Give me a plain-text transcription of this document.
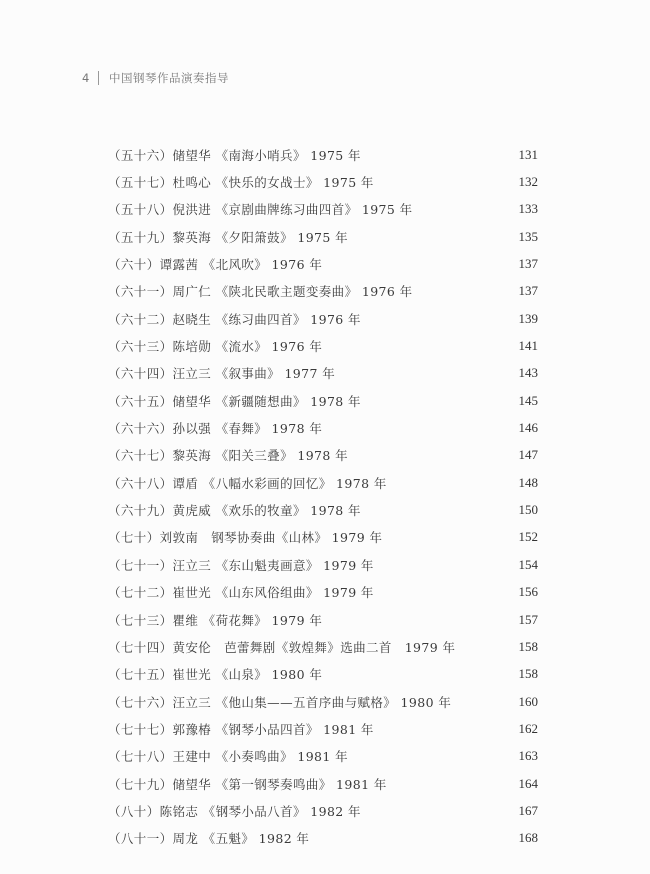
4	中国钢琴作品演奏指导
（五十六）储望华 《南海小哨兵》 1975 年	131
（五十七）杜鸣心 《快乐的女战士》 1975 年	132
（五十八）倪洪进 《京剧曲牌练习曲四首》 1975 年	133
（五十九）黎英海 《夕阳箫鼓》 1975 年	135
（六十）谭露茜 《北风吹》 1976 年	137
（六十一）周广仁 《陕北民歌主题变奏曲》 1976 年	137
（六十二）赵晓生 《练习曲四首》 1976 年	139
（六十三）陈培勋 《流水》 1976 年	141
（六十四）汪立三 《叙事曲》 1977 年	143
（六十五）储望华 《新疆随想曲》 1978 年	145
（六十六）孙以强 《春舞》 1978 年	146
（六十七）黎英海 《阳关三叠》 1978 年	147
（六十八）谭盾 《八幅水彩画的回忆》 1978 年	148
（六十九）黄虎威 《欢乐的牧童》 1978 年	150
（七十）刘敦南　钢琴协奏曲《山林》 1979 年	152
（七十一）汪立三 《东山魁夷画意》 1979 年	154
（七十二）崔世光 《山东风俗组曲》 1979 年	156
（七十三）瞿维 《荷花舞》 1979 年	157
（七十四）黄安伦　芭蕾舞剧《敦煌舞》选曲二首　1979 年	158
（七十五）崔世光 《山泉》 1980 年	158
（七十六）汪立三 《他山集——五首序曲与赋格》 1980 年	160
（七十七）郭豫椿 《钢琴小品四首》 1981 年	162
（七十八）王建中 《小奏鸣曲》 1981 年	163
（七十九）储望华 《第一钢琴奏鸣曲》 1981 年	164
（八十）陈铭志 《钢琴小品八首》 1982 年	167
（八十一）周龙 《五魁》 1982 年	168
